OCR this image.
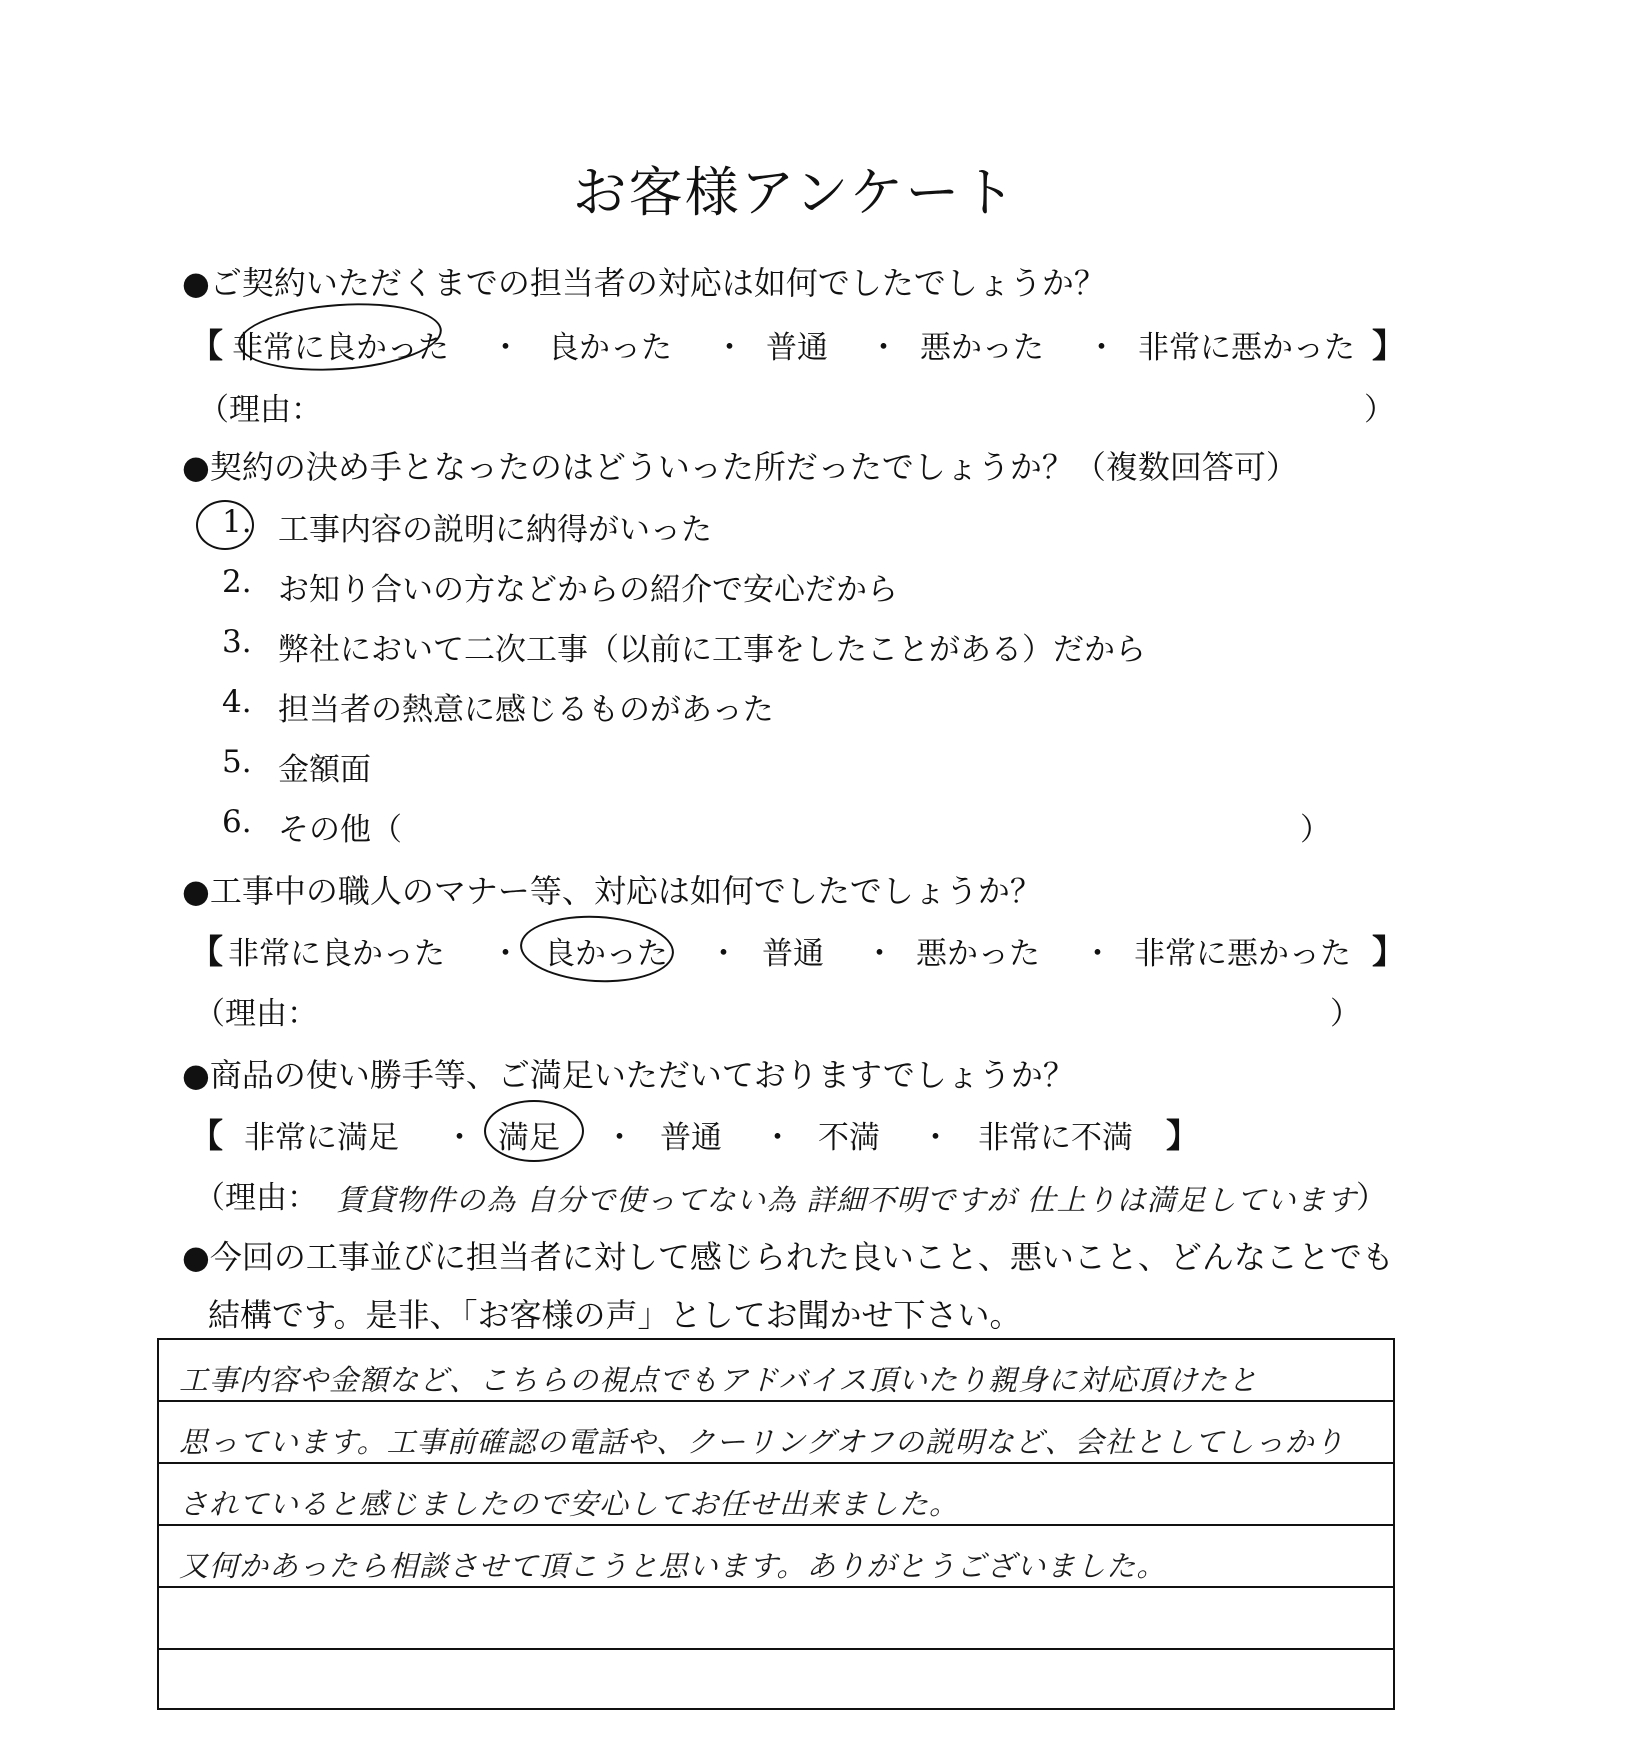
お客様アンケート
●ご契約いただくまでの担当者の対応は如何でしたでしょうか？
【 非常に良かった ・ 良かった ・ 普通 ・ 悪かった ・ 非常に悪かった 】
（理由：	）
●契約の決め手となったのはどういった所だったでしょうか？（複数回答可）
1. 工事内容の説明に納得がいった
2. お知り合いの方などからの紹介で安心だから
3. 弊社において二次工事（以前に工事をしたことがある）だから
4. 担当者の熱意に感じるものがあった
5. 金額面
6. その他（	）
●工事中の職人のマナー等、対応は如何でしたでしょうか？
【 非常に良かった ・ 良かった ・ 普通 ・ 悪かった ・ 非常に悪かった 】
（理由：	）
●商品の使い勝手等、ご満足いただいておりますでしょうか？
【 非常に満足 ・ 満足 ・ 普通 ・ 不満 ・ 非常に不満 】
（理由： 賃貸物件の為 自分で使ってない為 詳細不明ですが 仕上りは満足しています ）
●今回の工事並びに担当者に対して感じられた良いこと、悪いこと、どんなことでも
結構です。是非、「お客様の声」としてお聞かせ下さい。
工事内容や金額など、こちらの視点でもアドバイス頂いたり親身に対応頂けたと
思っています。工事前確認の電話や、クーリングオフの説明など、会社としてしっかり
されていると感じましたので安心してお任せ出来ました。
又何かあったら相談させて頂こうと思います。ありがとうございました。
